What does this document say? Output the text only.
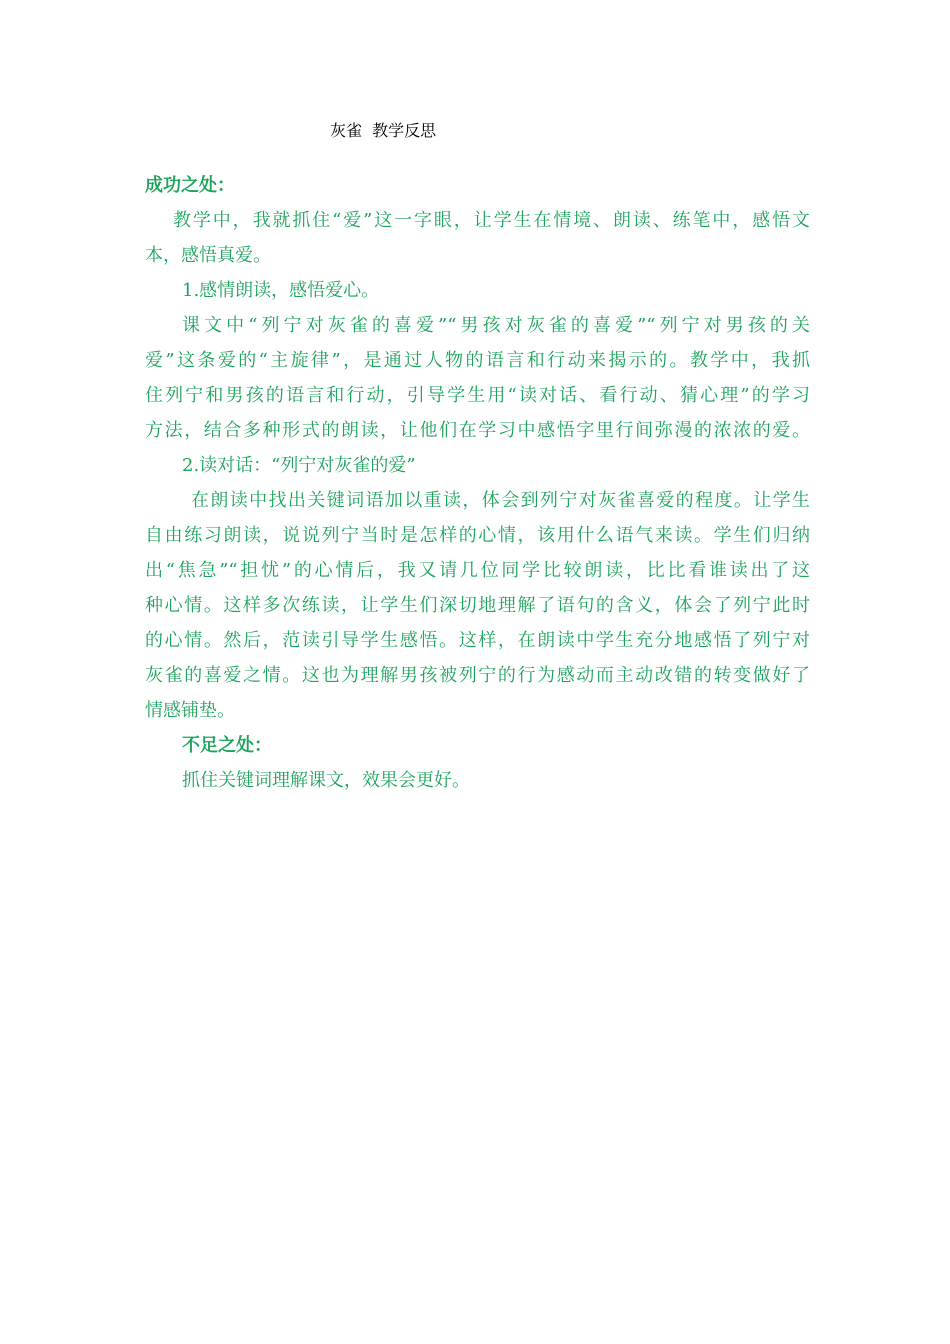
灰雀  教学反思
成功之处：
教学中，我就抓住“爱”这一字眼，让学生在情境、朗读、练笔中，感悟文
本，感悟真爱。
1.感情朗读，感悟爱心。
课文中“列宁对灰雀的喜爱”“男孩对灰雀的喜爱”“列宁对男孩的关
爱”这条爱的“主旋律”，是通过人物的语言和行动来揭示的。教学中，我抓
住列宁和男孩的语言和行动，引导学生用“读对话、看行动、猜心理”的学习
方法，结合多种形式的朗读，让他们在学习中感悟字里行间弥漫的浓浓的爱。
2.读对话：“列宁对灰雀的爱”
在朗读中找出关键词语加以重读，体会到列宁对灰雀喜爱的程度。让学生
自由练习朗读，说说列宁当时是怎样的心情，该用什么语气来读。学生们归纳
出“焦急”“担忧”的心情后，我又请几位同学比较朗读，比比看谁读出了这
种心情。这样多次练读，让学生们深切地理解了语句的含义，体会了列宁此时
的心情。然后，范读引导学生感悟。这样，在朗读中学生充分地感悟了列宁对
灰雀的喜爱之情。这也为理解男孩被列宁的行为感动而主动改错的转变做好了
情感铺垫。
不足之处：
抓住关键词理解课文，效果会更好。
